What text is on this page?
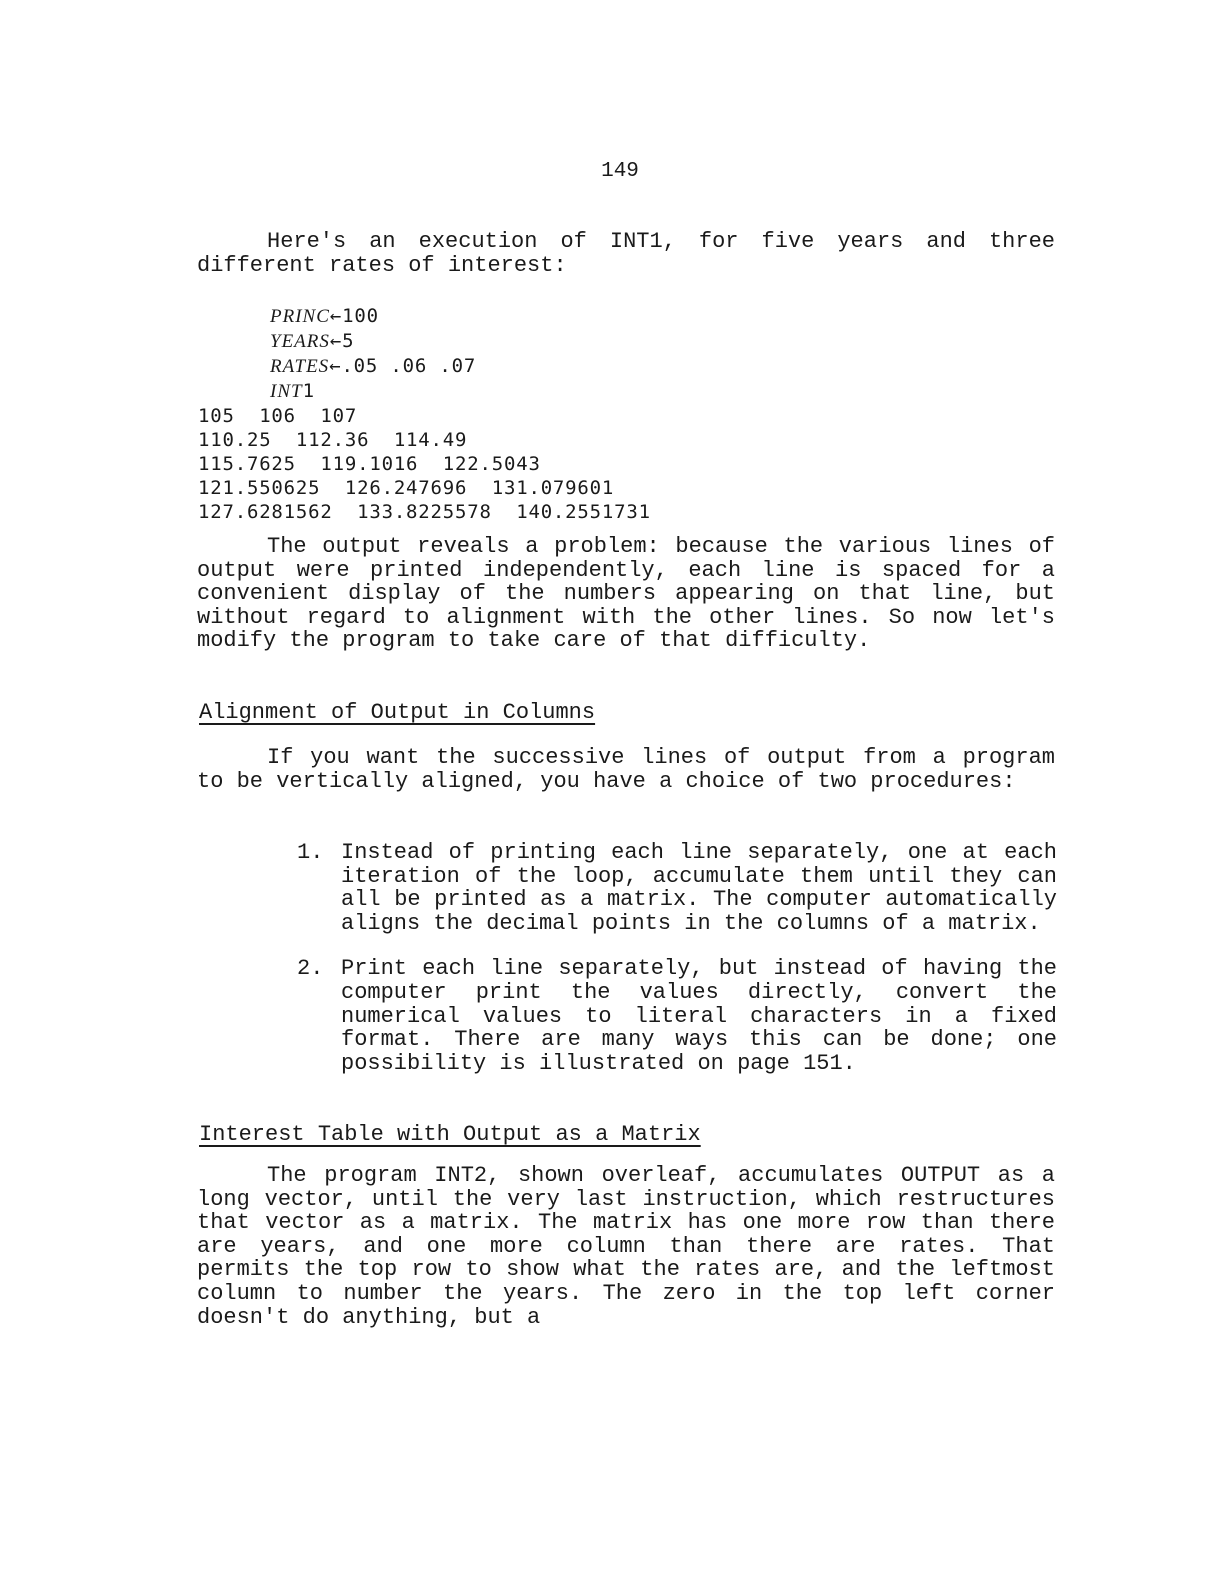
149

Here's an execution of INT1, for five years and three different rates of interest:

PRINC←100
YEARS←5
RATES←.05 .06 .07
INT1
105  106  107
110.25  112.36  114.49
115.7625  119.1016  122.5043
121.550625  126.247696  131.079601
127.6281562  133.8225578  140.2551731

The output reveals a problem: because the various lines of output were printed independently, each line is spaced for a convenient display of the numbers appearing on that line, but without regard to alignment with the other lines. So now let's modify the program to take care of that difficulty.

Alignment of Output in Columns

If you want the successive lines of output from a program to be vertically aligned, you have a choice of two procedures:

1. Instead of printing each line separately, one at each iteration of the loop, accumulate them until they can all be printed as a matrix. The computer automatically aligns the decimal points in the columns of a matrix.
2. Print each line separately, but instead of having the computer print the values directly, convert the numerical values to literal characters in a fixed format. There are many ways this can be done; one possibility is illustrated on page 151.
Interest Table with Output as a Matrix

The program INT2, shown overleaf, accumulates OUTPUT as a long vector, until the very last instruction, which restructures that vector as a matrix. The matrix has one more row than there are years, and one more column than there are rates. That permits the top row to show what the rates are, and the leftmost column to number the years. The zero in the top left corner doesn't do anything, but a
